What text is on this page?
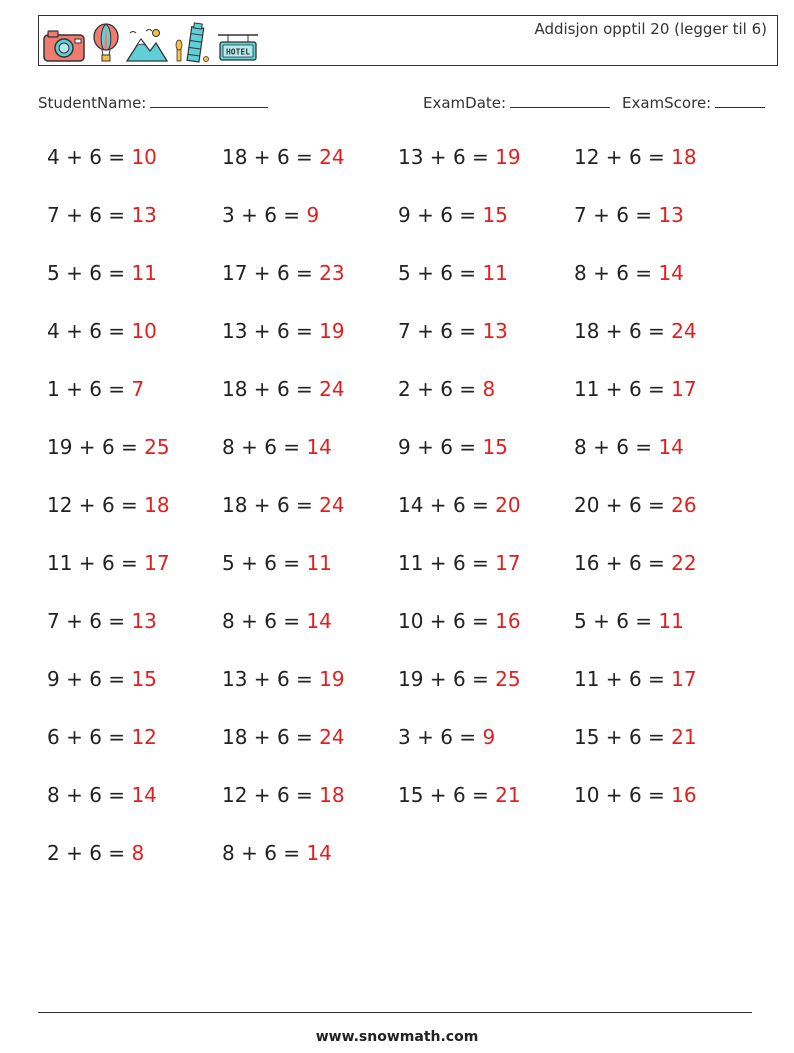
HOTEL
Addisjon opptil 20 (legger til 6)
StudentName:	ExamDate:	ExamScore:
4 + 6 = 10
7 + 6 = 13
5 + 6 = 11
4 + 6 = 10
1 + 6 = 7
19 + 6 = 25
12 + 6 = 18
11 + 6 = 17
7 + 6 = 13
9 + 6 = 15
6 + 6 = 12
8 + 6 = 14
2 + 6 = 8
18 + 6 = 24
3 + 6 = 9
17 + 6 = 23
13 + 6 = 19
18 + 6 = 24
8 + 6 = 14
18 + 6 = 24
5 + 6 = 11
8 + 6 = 14
13 + 6 = 19
18 + 6 = 24
12 + 6 = 18
8 + 6 = 14
13 + 6 = 19
9 + 6 = 15
5 + 6 = 11
7 + 6 = 13
2 + 6 = 8
9 + 6 = 15
14 + 6 = 20
11 + 6 = 17
10 + 6 = 16
19 + 6 = 25
3 + 6 = 9
15 + 6 = 21
12 + 6 = 18
7 + 6 = 13
8 + 6 = 14
18 + 6 = 24
11 + 6 = 17
8 + 6 = 14
20 + 6 = 26
16 + 6 = 22
5 + 6 = 11
11 + 6 = 17
15 + 6 = 21
10 + 6 = 16
www.snowmath.com
